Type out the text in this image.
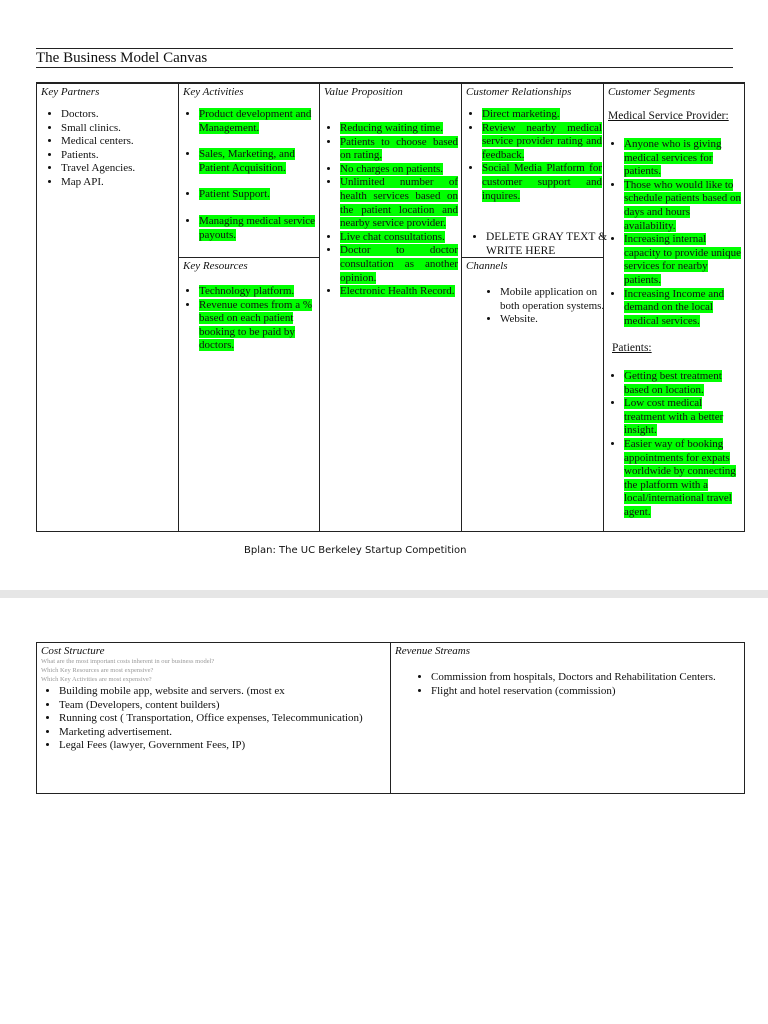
The Business Model Canvas
Key Partners
• Doctors.
• Small clinics.
• Medical centers.
• Patients.
• Travel Agencies.
• Map API.
Key Activities
• Product development and Management.
• Sales, Marketing, and Patient Acquisition.
• Patient Support.
• Managing medical service payouts.
Key Resources
• Technology platform.
• Revenue comes from a % based on each patient booking to be paid by doctors.
Value Proposition
• Reducing waiting time.
• Patients to choose based on rating.
• No charges on patients.
• Unlimited number of health services based on the patient location and nearby service provider.
• Live chat consultations.
• Doctor to doctor consultation as another opinion.
• Electronic Health Record.
Customer Relationships
• Direct marketing.
• Review nearby medical service provider rating and feedback.
• Social Media Platform for customer support and inquires.
• DELETE GRAY TEXT & WRITE HERE
Channels
• Mobile application on both operation systems.
• Website.
Customer Segments
Medical Service Provider:
• Anyone who is giving medical services for patients.
• Those who would like to schedule patients based on days and hours availability.
• Increasing internal capacity to provide unique services for nearby patients.
• Increasing Income and demand on the local medical services.
Patients:
• Getting best treatment based on location.
• Low cost medical treatment with a better insight.
• Easier way of booking appointments for expats worldwide by connecting the platform with a local/international travel agent.
Bplan: The UC Berkeley Startup Competition
Cost Structure
What are the most important costs inherent in our business model?
Which Key Resources are most expensive?
Which Key Activities are most expensive?
• Building mobile app, website and servers. (most ex
• Team (Developers, content builders)
• Running cost ( Transportation, Office expenses, Telecommunication)
• Marketing advertisement.
• Legal Fees (lawyer, Government Fees, IP)
Revenue Streams
• Commission from hospitals, Doctors and Rehabilitation Centers.
• Flight and hotel reservation (commission)
